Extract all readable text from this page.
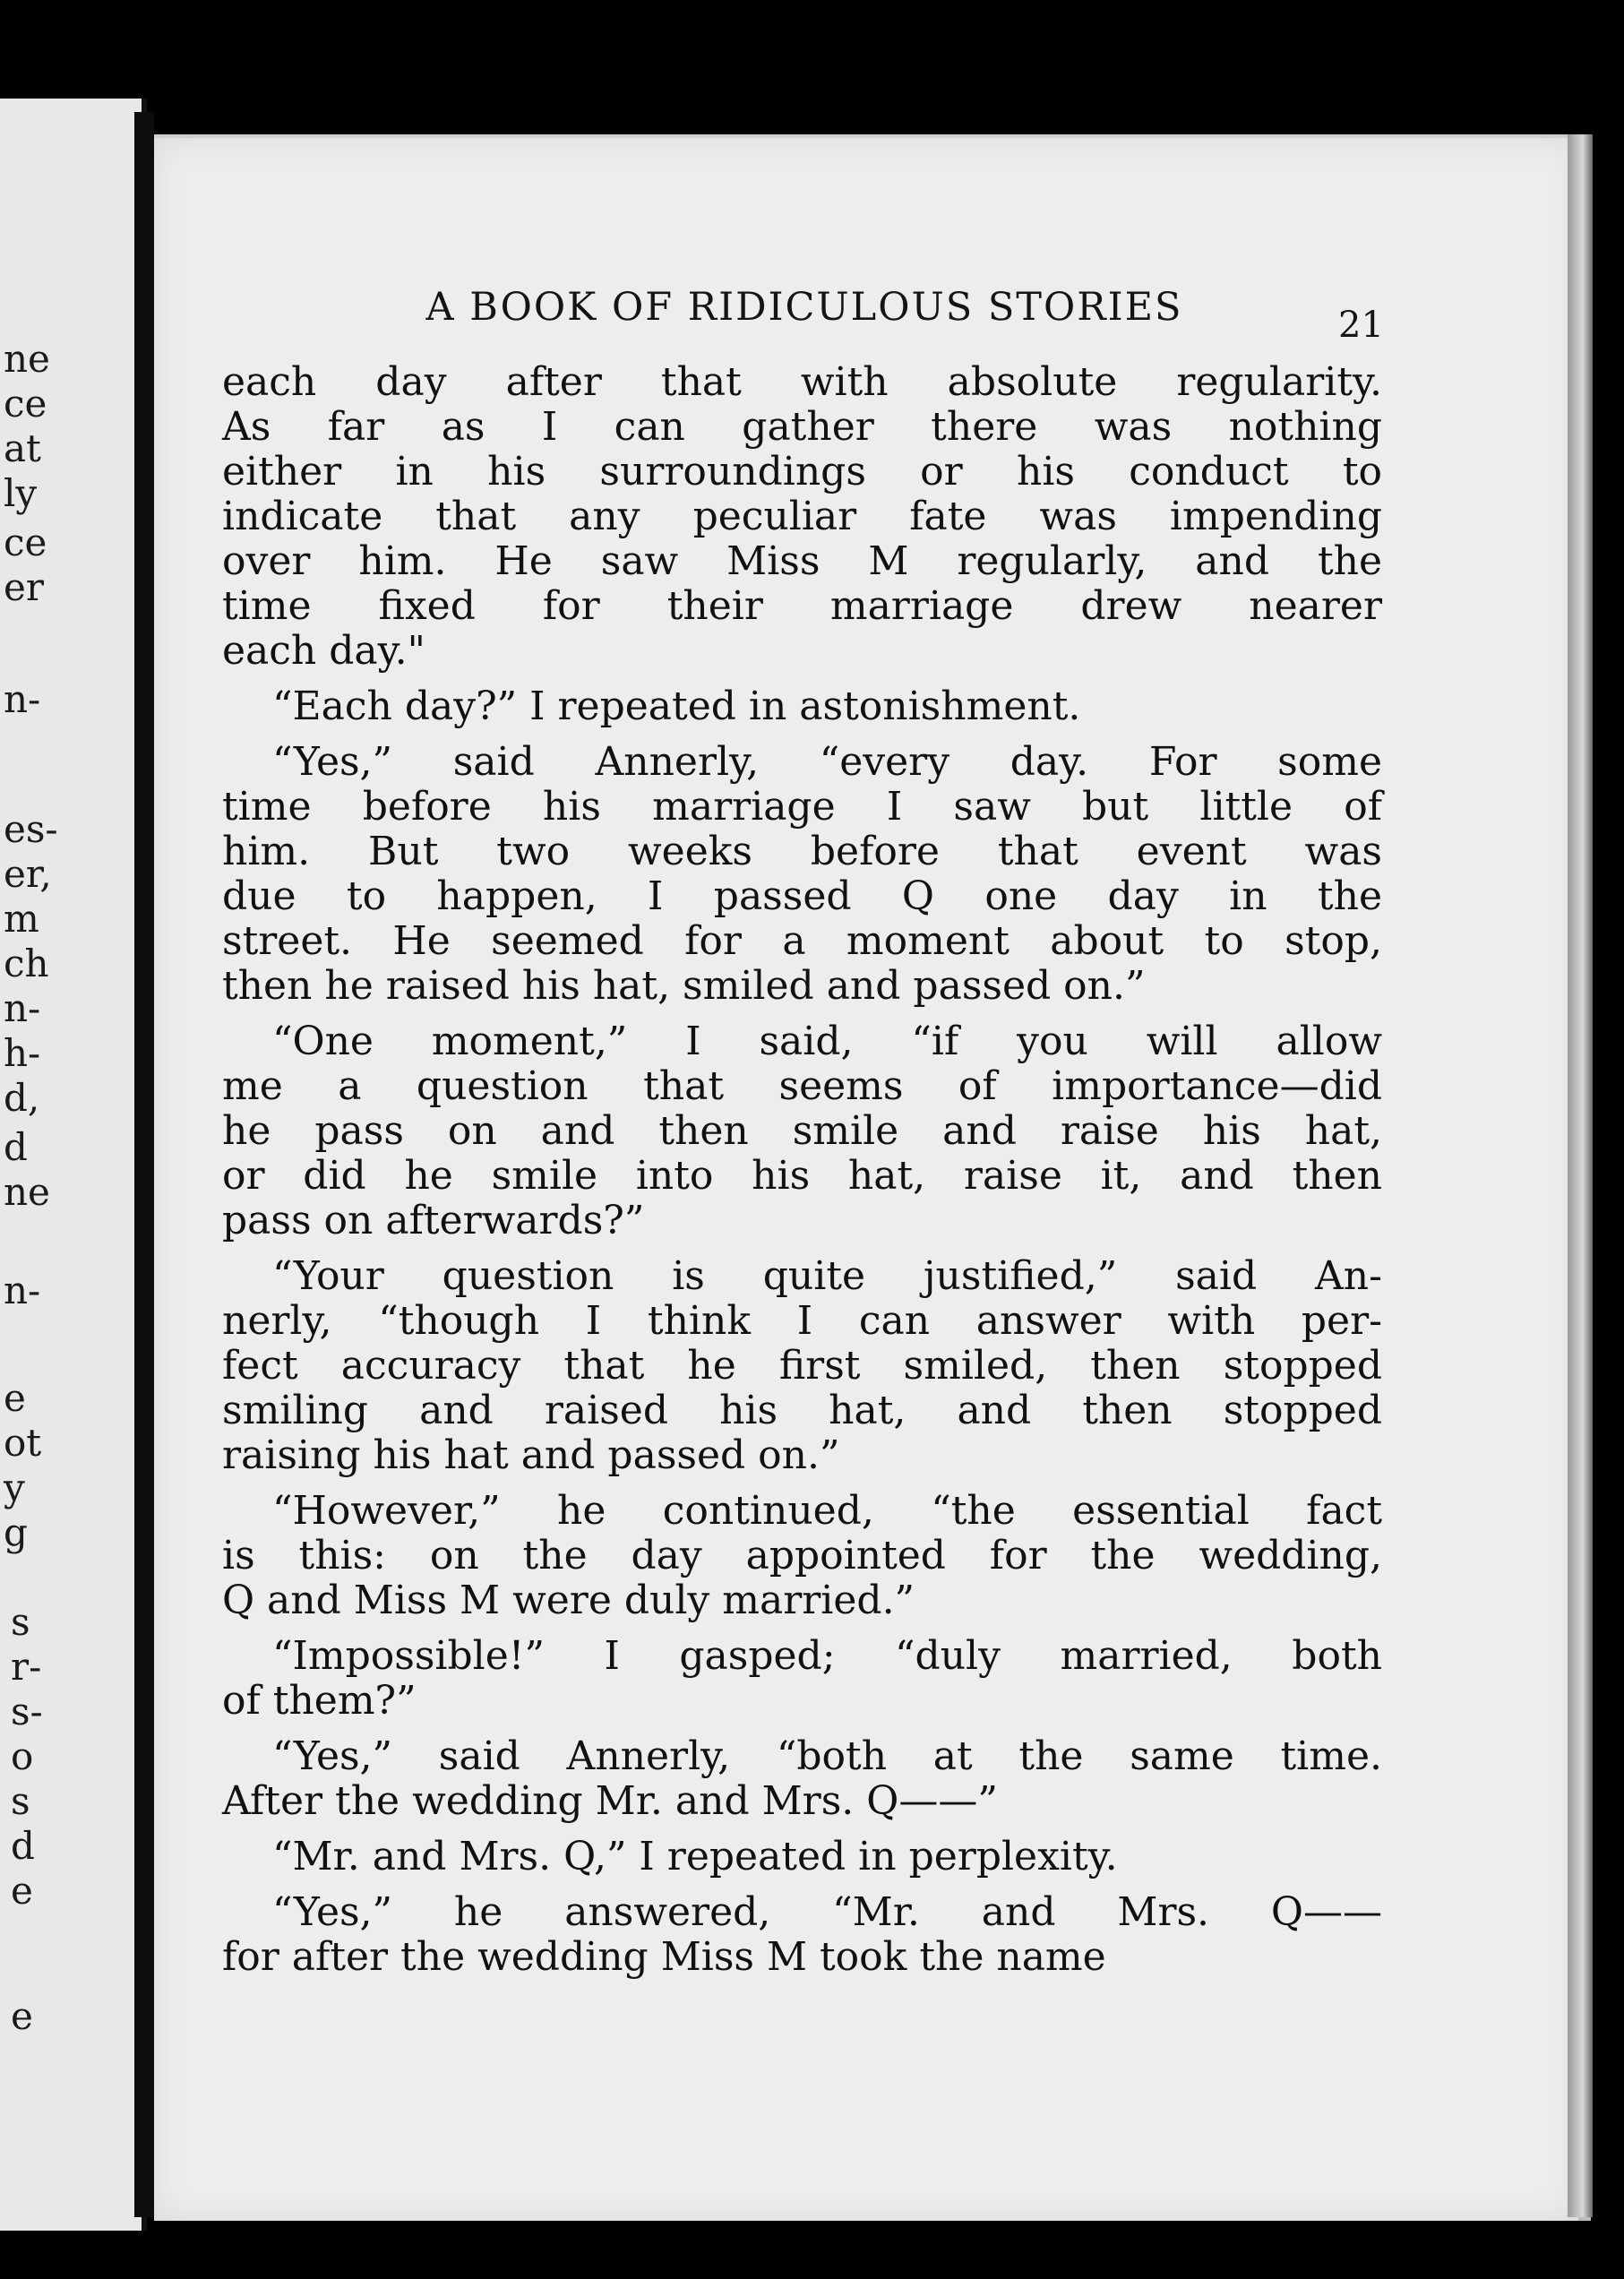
ne
ce
at
ly
ce
er
n-
es-
er,
m
ch
n-
h-
d,
d
ne
n-
e
ot
y
g
s
r-
s-
o
s
d
e
e
A BOOK OF RIDICULOUS STORIES	21
each day after that with absolute regularity.
As far as I can gather there was nothing
either in his surroundings or his conduct to
indicate that any peculiar fate was impending
over him. He saw Miss M regularly, and the
time fixed for their marriage drew nearer
each day."
“Each day?” I repeated in astonishment.
“Yes,” said Annerly, “every day. For some
time before his marriage I saw but little of
him. But two weeks before that event was
due to happen, I passed Q one day in the
street. He seemed for a moment about to stop,
then he raised his hat, smiled and passed on.”
“One moment,” I said, “if you will allow
me a question that seems of importance—did
he pass on and then smile and raise his hat,
or did he smile into his hat, raise it, and then
pass on afterwards?”
“Your question is quite justified,” said An-
nerly, “though I think I can answer with per-
fect accuracy that he first smiled, then stopped
smiling and raised his hat, and then stopped
raising his hat and passed on.”
“However,” he continued, “the essential fact
is this: on the day appointed for the wedding,
Q and Miss M were duly married.”
“Impossible!” I gasped; “duly married, both
of them?”
“Yes,” said Annerly, “both at the same time.
After the wedding Mr. and Mrs. Q——”
“Mr. and Mrs. Q,” I repeated in perplexity.
“Yes,” he answered, “Mr. and Mrs. Q——
for after the wedding Miss M took the name
